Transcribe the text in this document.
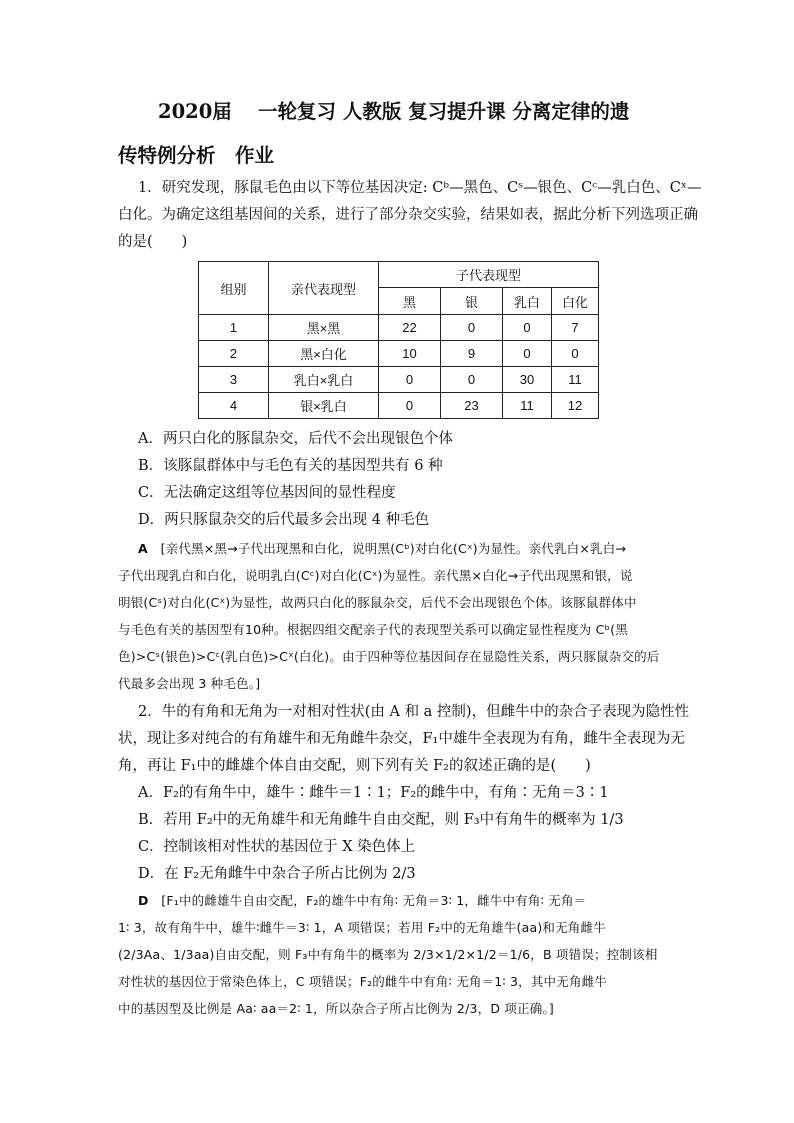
2020届　 一轮复习 人教版 复习提升课 分离定律的遗
传特例分析　作业
1．研究发现，豚鼠毛色由以下等位基因决定: Cᵇ—黑色、Cˢ—银色、Cᶜ—乳白色、Cˣ—
白化。为确定这组基因间的关系，进行了部分杂交实验，结果如表，据此分析下列选项正确
的是(　　)
组别	亲代表现型	子代表现型			
		黑	银	乳白	白化
1	黑×黑	22	0	0	7
2	黑×白化	10	9	0	0
3	乳白×乳白	0	0	30	11
4	银×乳白	0	23	11	12
A．两只白化的豚鼠杂交，后代不会出现银色个体
B．该豚鼠群体中与毛色有关的基因型共有 6 种
C．无法确定这组等位基因间的显性程度
D．两只豚鼠杂交的后代最多会出现 4 种毛色
A　 [亲代黑×黑→子代出现黑和白化，说明黑(Cᵇ)对白化(Cˣ)为显性。亲代乳白×乳白→
子代出现乳白和白化，说明乳白(Cᶜ)对白化(Cˣ)为显性。亲代黑×白化→子代出现黑和银，说
明银(Cˢ)对白化(Cˣ)为显性，故两只白化的豚鼠杂交，后代不会出现银色个体。该豚鼠群体中
与毛色有关的基因型有10种。根据四组交配亲子代的表现型关系可以确定显性程度为 Cᵇ(黑
色)>Cˢ(银色)>Cᶜ(乳白色)>Cˣ(白化)。由于四种等位基因间存在显隐性关系，两只豚鼠杂交的后
代最多会出现 3 种毛色。]
2．牛的有角和无角为一对相对性状(由 A 和 a 控制)，但雌牛中的杂合子表现为隐性性
状，现让多对纯合的有角雄牛和无角雌牛杂交，F₁中雄牛全表现为有角，雌牛全表现为无
角，再让 F₁中的雌雄个体自由交配，则下列有关 F₂的叙述正确的是(　　)
A．F₂的有角牛中，雄牛∶雌牛＝1∶1；F₂的雌牛中，有角∶无角＝3∶1
B．若用 F₂中的无角雄牛和无角雌牛自由交配，则 F₃中有角牛的概率为 1/3
C．控制该相对性状的基因位于 X 染色体上
D．在 F₂无角雌牛中杂合子所占比例为 2/3
D　 [F₁中的雌雄牛自由交配，F₂的雄牛中有角∶ 无角＝3∶ 1，雌牛中有角∶ 无角＝
1∶ 3，故有角牛中，雄牛∶雌牛＝3∶ 1，A 项错误；若用 F₂中的无角雄牛(aa)和无角雌牛
(2/3Aa、1/3aa)自由交配，则 F₃中有角牛的概率为 2/3×1/2×1/2＝1/6，B 项错误；控制该相
对性状的基因位于常染色体上，C 项错误；F₂的雌牛中有角∶ 无角＝1∶ 3，其中无角雌牛
中的基因型及比例是 Aa∶ aa＝2∶ 1，所以杂合子所占比例为 2/3，D 项正确。]
